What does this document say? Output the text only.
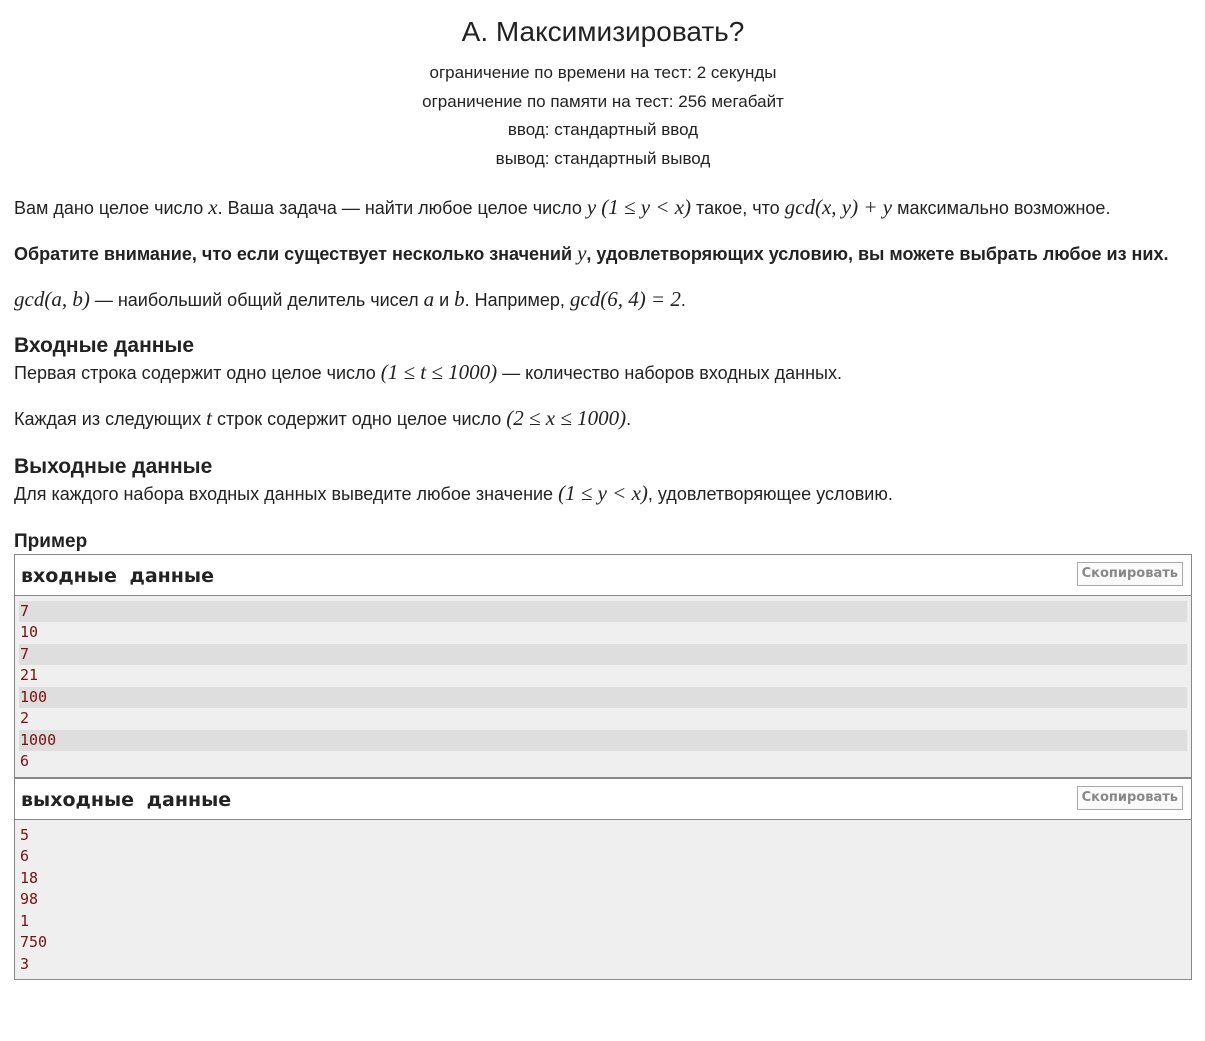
A. Максимизировать?
ограничение по времени на тест: 2 секунды
ограничение по памяти на тест: 256 мегабайт
ввод: стандартный ввод
вывод: стандартный вывод
Вам дано целое число x. Ваша задача — найти любое целое число y (1 ≤ y < x) такое, что gcd(x, y) + y максимально возможное.
Обратите внимание, что если существует несколько значений y, удовлетворяющих условию, вы можете выбрать любое из них.
gcd(a, b) — наибольший общий делитель чисел a и b. Например, gcd(6, 4) = 2.
Входные данные
Первая строка содержит одно целое число (1 ≤ t ≤ 1000) — количество наборов входных данных.
Каждая из следующих t строк содержит одно целое число (2 ≤ x ≤ 1000).
Выходные данные
Для каждого набора входных данных выведите любое значение (1 ≤ y < x), удовлетворяющее условию.
Пример
входные данные	Скопировать
7
10
7
21
100
2
1000
6
выходные данные	Скопировать
5
6
18
98
1
750
3
